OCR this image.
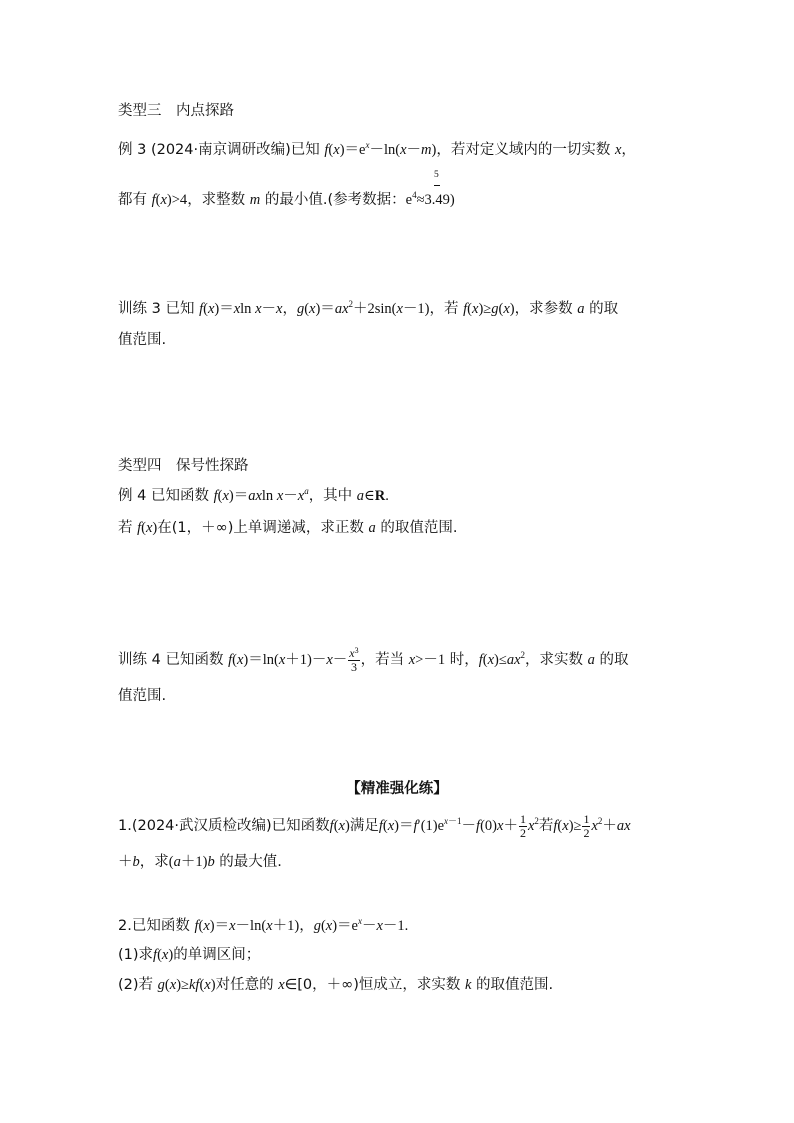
类型三　内点探路
例 3 (2024·南京调研改编)已知 $f(x)=e^x-\ln(x-m)$，若对定义域内的一切实数 x，
5
都有 f(x)>4，求整数 m 的最小值.(参考数据：$e^4\approx 3.49$)
训练 3 已知 f(x)＝xln x－x，$g(x)=ax^2+2\sin(x-1)$，若 f(x)≥g(x)，求参数 a 的取
值范围.
类型四　保号性探路
例 4 已知函数 f(x)＝axln $x-x^a$，其中 a∈R.
若 f(x)在(1，＋∞)上单调递减，求正数 a 的取值范围.
训练 4 已知函数 $f(x)=\ln(x+1)-x- \frac{x^3}{3}$ ，若当 x>－1 时，$f(x)\le ax^2$，求实数 a 的取
值范围.
【精准强化练】
1.(2024·武汉质检改编)已知函数f(x)满足$f(x)=f'(1)e^{x-1}-f(0)x+ \frac{1}{2} x^2$若$f(x)\ge \frac{1}{2} x^2+ax$
＋b，求(a＋1)b 的最大值.
2.已知函数 f(x)＝x－ln(x＋1)，$g(x)=e^x-x-1$.
(1)求f(x)的单调区间；
(2)若 g(x)≥kf(x)对任意的 x∈[0，＋∞)恒成立，求实数 k 的取值范围.
